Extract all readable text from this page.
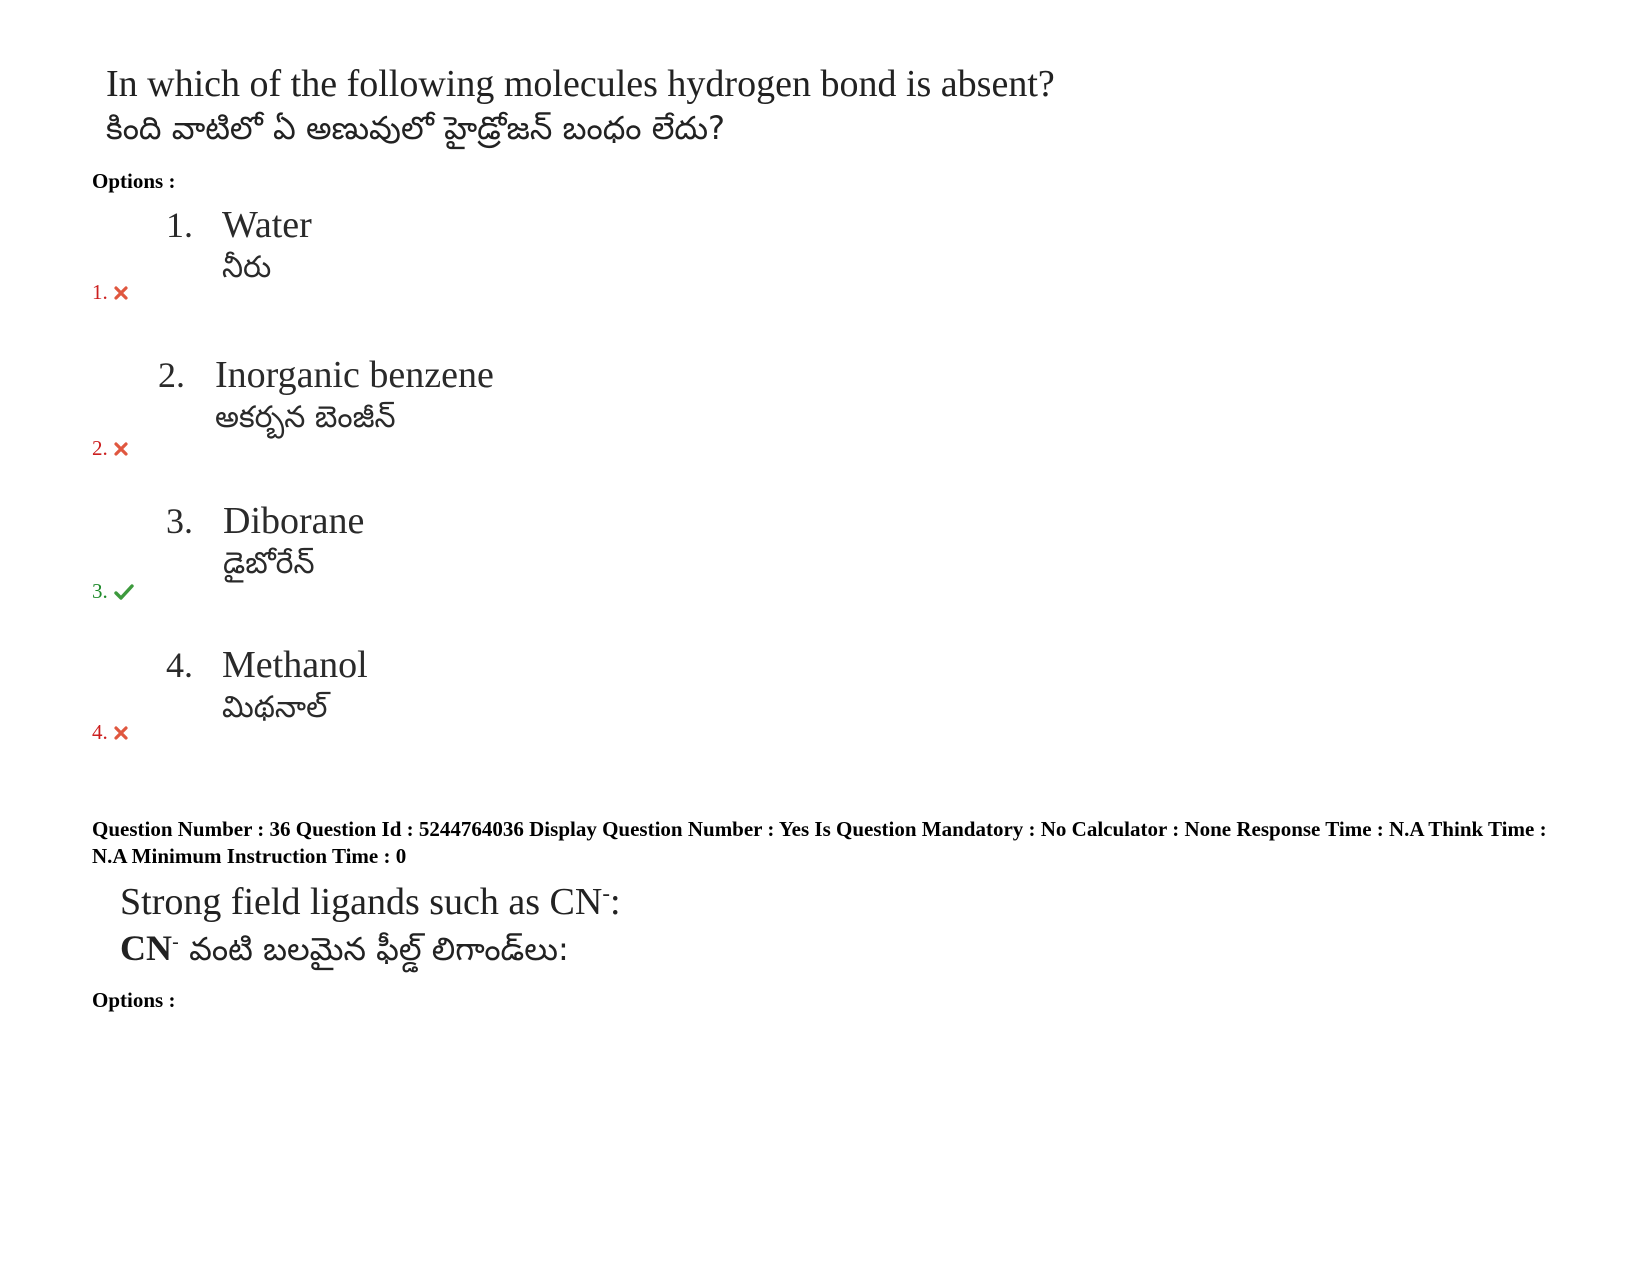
In which of the following molecules hydrogen bond is absent?
కింది వాటిలో ఏ అణువులో హైడ్రోజన్ బంధం లేదు?
Options :
1. Water
నీరు
1.
2. Inorganic benzene
అకర్బన బెంజీన్
2.
3. Diborane
డైబోరేన్
3.
4. Methanol
మిథనాల్
4.
Question Number : 36 Question Id : 5244764036 Display Question Number : Yes Is Question Mandatory : No Calculator : None Response Time : N.A Think Time : N.A Minimum Instruction Time : 0
Strong field ligands such as CN-:
CN- వంటి బలమైన ఫీల్డ్ లిగాండ్‌లు:
Options :
